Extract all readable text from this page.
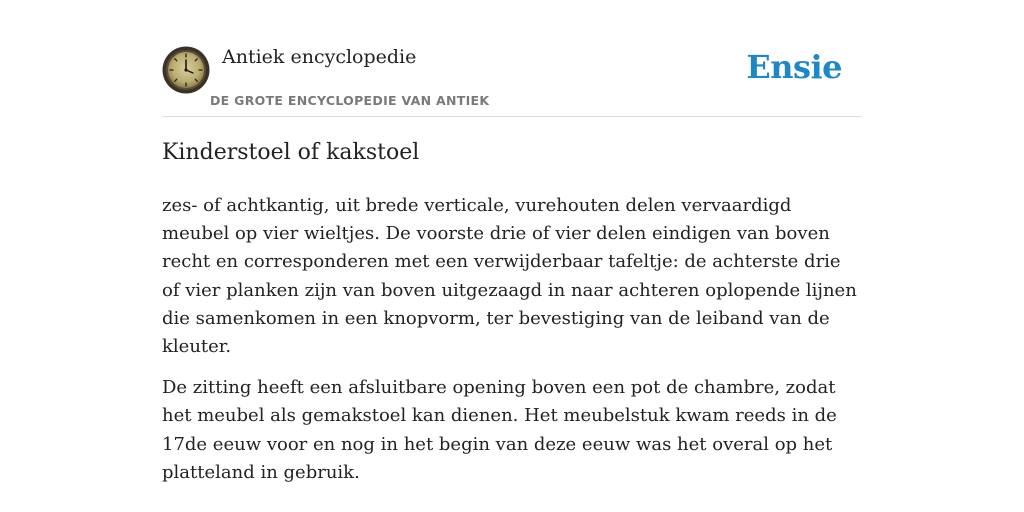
Antiek encyclopedie
DE GROTE ENCYCLOPEDIE VAN ANTIEK
Ensie
Kinderstoel of kakstoel

zes- of achtkantig, uit brede verticale, vurehouten delen vervaardigd meubel op vier wieltjes. De voorste drie of vier delen eindigen van boven recht en corresponderen met een verwijderbaar tafeltje: de achterste drie of vier planken zijn van boven uitgezaagd in naar achteren oplopende lijnen die samenkomen in een knopvorm, ter bevestiging van de leiband van de kleuter.

De zitting heeft een afsluitbare opening boven een pot de chambre, zodat het meubel als gemakstoel kan dienen. Het meubelstuk kwam reeds in de 17de eeuw voor en nog in het begin van deze eeuw was het overal op het platteland in gebruik.
